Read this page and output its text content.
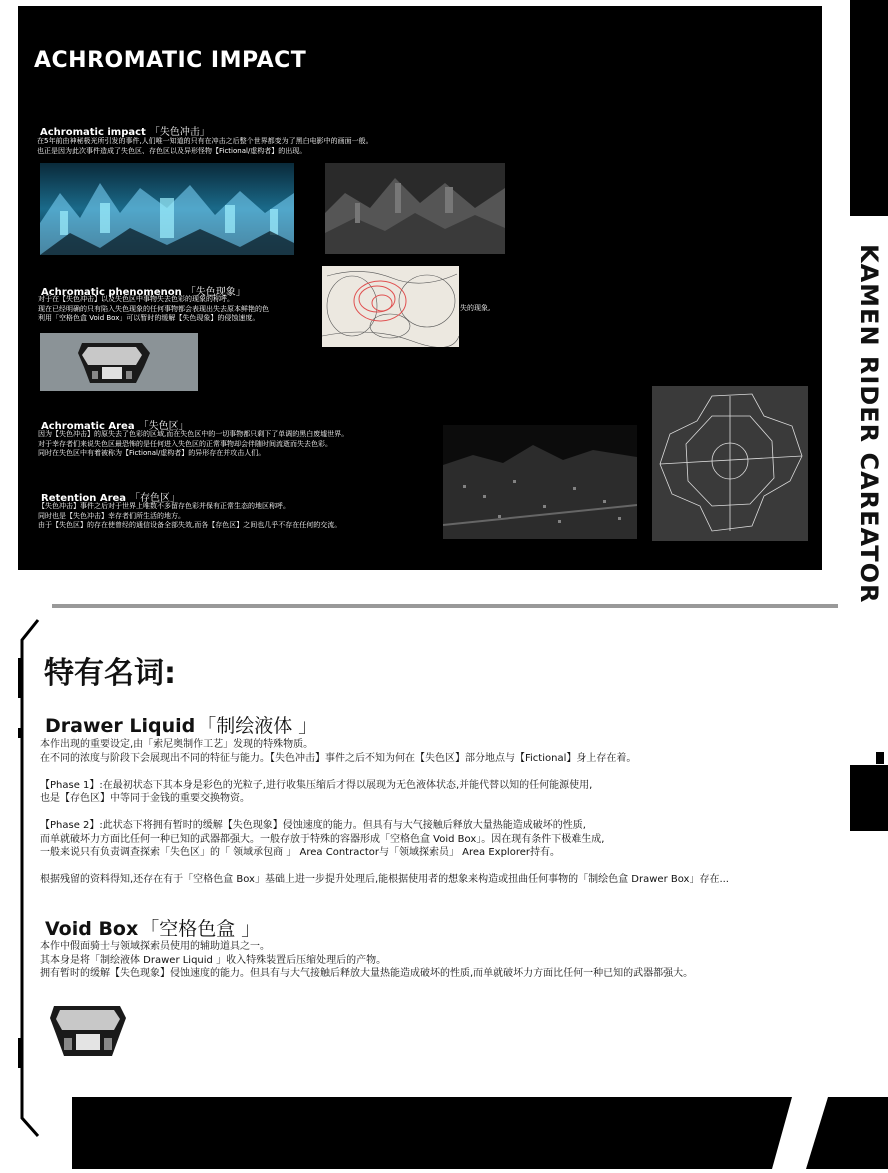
ACHROMATIC IMPACT
Achromatic impact 「失色冲击」
在5年前由神秘极光所引发的事件,人们唯一知道的只有在冲击之后整个世界都变为了黑白电影中的画面一般。
也正是因为此次事件造成了失色区、存色区以及异形怪物【Fictional/虚构者】的出现。
Achromatic phenomenon 「失色现象」
对于在【失色冲击】以及失色区中事物失去色彩的现象的称呼。
现在已经明确的只有陷入失色现象的任何事物都会表现出失去原本鲜艳的色
利用「空格色盒 Void Box」可以暂时的缓解【失色现象】的侵蚀速度。
失的现象,
Achromatic Area 「失色区」
因为【失色冲击】的原失去了色彩的区域,而在失色区中的一切事物都只剩下了单调的黑白废墟世界。
对于幸存者们来说失色区最恐怖的是任何进入失色区的正常事物却会伴随时间流逝而失去色彩。
同时在失色区中有着被称为【Fictional/虚构者】的异形存在并攻击人们。
Retention Area 「存色区」
【失色冲击】事件之后对于世界上唯数不多留存色彩并保有正常生态的地区称呼。
同时也是【失色冲击】幸存者们所生活的地方。
由于【失色区】的存在使曾经的通信设备全部失效,而各【存色区】之间也几乎不存在任何的交流。	KAMEN RIDER CAREATOR
特有名词:
Drawer Liquid 「制绘液体 」
本作出现的重要设定,由「索尼奥制作工艺」发现的特殊物质。
在不同的浓度与阶段下会展现出不同的特征与能力。【失色冲击】事件之后不知为何在【失色区】部分地点与【Fictional】身上存在着。
【Phase 1】:在最初状态下其本身是彩色的光粒子,进行收集压缩后才得以展现为无色液体状态,并能代替以知的任何能源使用,
也是【存色区】中等同于金钱的重要交换物资。
【Phase 2】:此状态下将拥有暂时的缓解【失色现象】侵蚀速度的能力。但具有与大气接触后释放大量热能造成破坏的性质,
而单就破坏力方面比任何一种已知的武器都强大。一般存放于特殊的容器形成「空格色盒 Void Box」。因在现有条件下极难生成,
一般来说只有负责调查探索「失色区」的「 领域承包商 」 Area Contractor与「领域探索员」 Area Explorer持有。
根据残留的资料得知,还存在有于「空格色盒 Box」基础上进一步提升处理后,能根据使用者的想象来构造或扭曲任何事物的「制绘色盒 Drawer Box」存在...
Void Box 「空格色盒 」
本作中假面骑士与领域探索员使用的辅助道具之一。
其本身是将「制绘液体 Drawer Liquid 」收入特殊装置后压缩处理后的产物。
拥有暂时的缓解【失色现象】侵蚀速度的能力。但具有与大气接触后释放大量热能造成破坏的性质,而单就破坏力方面比任何一种已知的武器都强大。
